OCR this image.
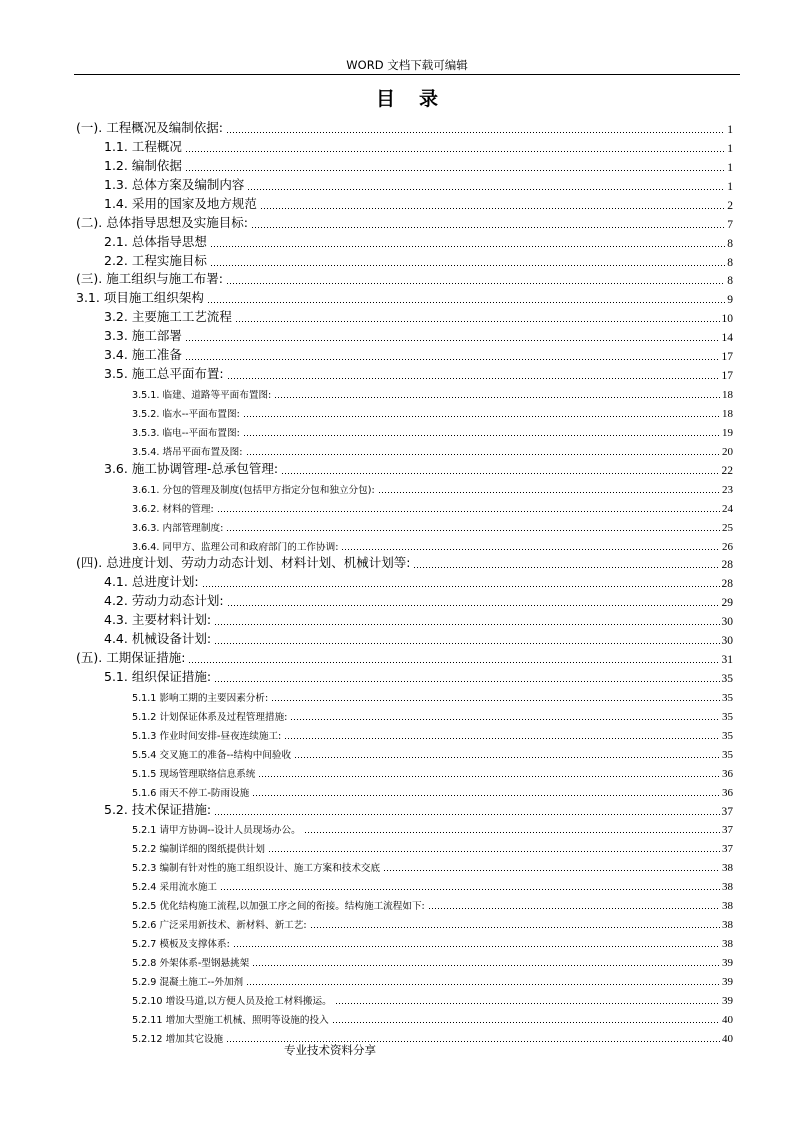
WORD 文档下载可编辑
目录
(一). 工程概况及编制依据:	1
1.1. 工程概况	1
1.2. 编制依据	1
1.3. 总体方案及编制内容	1
1.4. 采用的国家及地方规范	2
(二). 总体指导思想及实施目标:	7
2.1. 总体指导思想	8
2.2. 工程实施目标	8
(三). 施工组织与施工布署:	8
3.1. 项目施工组织架构	9
3.2. 主要施工工艺流程	10
3.3. 施工部署	14
3.4. 施工准备	17
3.5. 施工总平面布置:	17
3.5.1. 临建、道路等平面布置图:	18
3.5.2. 临水--平面布置图:	18
3.5.3. 临电--平面布置图:	19
3.5.4. 塔吊平面布置及图:	20
3.6. 施工协调管理-总承包管理:	22
3.6.1. 分包的管理及制度(包括甲方指定分包和独立分包):	23
3.6.2. 材料的管理:	24
3.6.3. 内部管理制度:	25
3.6.4. 同甲方、监理公司和政府部门的工作协调:	26
(四). 总进度计划、劳动力动态计划、材料计划、机械计划等:	28
4.1. 总进度计划:	28
4.2. 劳动力动态计划:	29
4.3. 主要材料计划:	30
4.4. 机械设备计划:	30
(五). 工期保证措施:	31
5.1. 组织保证措施:	35
5.1.1 影响工期的主要因素分析:	35
5.1.2 计划保证体系及过程管理措施:	35
5.1.3 作业时间安排-昼夜连续施工:	35
5.5.4 交叉施工的准备--结构中间验收	35
5.1.5 现场管理联络信息系统	36
5.1.6 雨天不停工-防雨设施	36
5.2. 技术保证措施:	37
5.2.1 请甲方协调--设计人员现场办公。	37
5.2.2 编制详细的图纸提供计划	37
5.2.3 编制有针对性的施工组织设计、施工方案和技术交底	38
5.2.4 采用流水施工	38
5.2.5 优化结构施工流程,以加强工序之间的衔接。结构施工流程如下:	38
5.2.6 广泛采用新技术、新材料、新工艺:	38
5.2.7 模板及支撑体系:	38
5.2.8 外架体系-型钢悬挑架	39
5.2.9 混凝土施工--外加剂	39
5.2.10 增设马道,以方便人员及抢工材料搬运。	39
5.2.11 增加大型施工机械、照明等设施的投入	40
5.2.12 增加其它设施	40
专业技术资料分享
